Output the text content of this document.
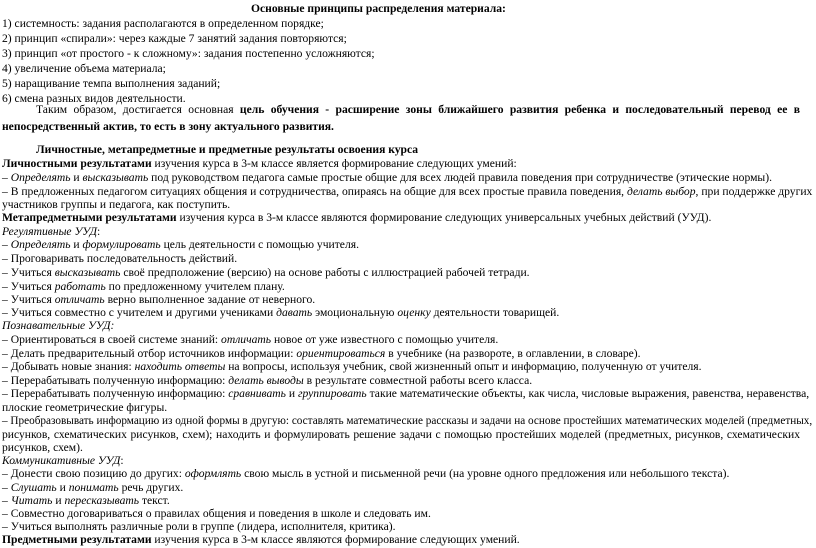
Основные принципы распределения материала:
1) системность: задания располагаются в определенном порядке;
2) принцип «спирали»: через каждые 7 занятий задания повторяются;
3) принцип «от простого - к сложному»: задания постепенно усложняются;
4) увеличение объема материала;
5) наращивание темпа выполнения заданий;
6) смена разных видов деятельности.
Таким образом, достигается основная цель обучения - расширение зоны ближайшего развития ребенка и последовательный перевод ее в непосредственный актив, то есть в зону актуального развития.
Личностные, метапредметные и предметные результаты освоения курса
Личностными результатами изучения курса в 3-м классе является формирование следующих умений:
– Определять и высказывать под руководством педагога самые простые общие для всех людей правила поведения при сотрудничестве (этические нормы).
– В предложенных педагогом ситуациях общения и сотрудничества, опираясь на общие для всех простые правила поведения, делать выбор, при поддержке других
участников группы и педагога, как поступить.
Метапредметными результатами изучения курса в 3-м классе являются формирование следующих универсальных учебных действий (УУД).
Регулятивные УУД:
– Определять и формулировать цель деятельности с помощью учителя.
– Проговаривать последовательность действий.
– Учиться высказывать своё предположение (версию) на основе работы с иллюстрацией рабочей тетради.
– Учиться работать по предложенному учителем плану.
– Учиться отличать верно выполненное задание от неверного.
– Учиться совместно с учителем и другими учениками давать эмоциональную оценку деятельности товарищей.
Познавательные УУД:
– Ориентироваться в своей системе знаний: отличать новое от уже известного с помощью учителя.
– Делать предварительный отбор источников информации: ориентироваться в учебнике (на развороте, в оглавлении, в словаре).
– Добывать новые знания: находить ответы на вопросы, используя учебник, свой жизненный опыт и информацию, полученную от учителя.
– Перерабатывать полученную информацию: делать выводы в результате совместной работы всего класса.
– Перерабатывать полученную информацию: сравнивать и группировать такие математические объекты, как числа, числовые выражения, равенства, неравенства,
плоские геометрические фигуры.
– Преобразовывать информацию из одной формы в другую: составлять математические рассказы и задачи на основе простейших математических моделей (предметных,
рисунков, схематических рисунков, схем); находить и формулировать решение задачи с помощью простейших моделей (предметных, рисунков, схематических
рисунков, схем).
Коммуникативные УУД:
– Донести свою позицию до других: оформлять свою мысль в устной и письменной речи (на уровне одного предложения или небольшого текста).
– Слушать и понимать речь других.
– Читать и пересказывать текст.
– Совместно договариваться о правилах общения и поведения в школе и следовать им.
– Учиться выполнять различные роли в группе (лидера, исполнителя, критика).
Предметными результатами изучения курса в 3-м классе являются формирование следующих умений.
